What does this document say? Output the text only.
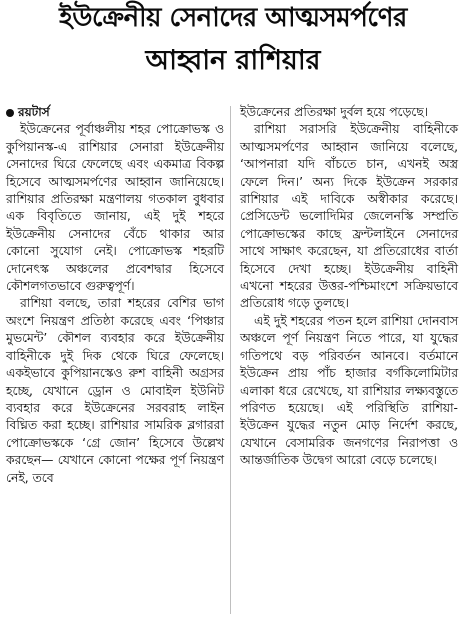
ইউক্রেনীয় সেনাদের আত্মসমর্পণের
আহ্বান রাশিয়ার
রয়টার্স

ইউক্রেনের পূর্বাঞ্চলীয় শহর পোক্রোভস্ক ও কুপিয়ানস্ক-এ রাশিয়ার সেনারা ইউক্রেনীয় সেনাদের ঘিরে ফেলেছে এবং একমাত্র বিকল্প হিসেবে আত্মসমর্পণের আহ্বান জানিয়েছে। রাশিয়ার প্রতিরক্ষা মন্ত্রণালয় গতকাল বুধবার এক বিবৃতিতে জানায়, এই দুই শহরে ইউক্রেনীয় সেনাদের বেঁচে থাকার আর কোনো সুযোগ নেই। পোক্রোভস্ক শহরটি দোনেৎস্ক অঞ্চলের প্রবেশদ্বার হিসেবে কৌশলগতভাবে গুরুত্বপূর্ণ।

রাশিয়া বলছে, তারা শহরের বেশির ভাগ অংশে নিয়ন্ত্রণ প্রতিষ্ঠা করেছে এবং ‘পিঞ্চার মুভমেন্ট’ কৌশল ব্যবহার করে ইউক্রেনীয় বাহিনীকে দুই দিক থেকে ঘিরে ফেলেছে। একইভাবে কুপিয়ানস্কেও রুশ বাহিনী অগ্রসর হচ্ছে, যেখানে ড্রোন ও মোবাইল ইউনিট ব্যবহার করে ইউক্রেনের সরবরাহ লাইন বিঘ্নিত করা হচ্ছে। রাশিয়ার সামরিক ব্লগাররা পোক্রোভস্ককে ‘গ্রে জোন’ হিসেবে উল্লেখ করছেন— যেখানে কোনো পক্ষের পূর্ণ নিয়ন্ত্রণ নেই, তবে

ইউক্রেনের প্রতিরক্ষা দুর্বল হয়ে পড়েছে।

রাশিয়া সরাসরি ইউক্রেনীয় বাহিনীকে আত্মসমর্পণের আহ্বান জানিয়ে বলেছে, ‘আপনারা যদি বাঁচতে চান, এখনই অস্ত্র ফেলে দিন।’ অন্য দিকে ইউক্রেন সরকার রাশিয়ার এই দাবিকে অস্বীকার করেছে। প্রেসিডেন্ট ভলোদিমির জেলেনস্কি সম্প্রতি পোক্রোভস্কের কাছে ফ্রন্টলাইনে সেনাদের সাথে সাক্ষাৎ করেছেন, যা প্রতিরোধের বার্তা হিসেবে দেখা হচ্ছে। ইউক্রেনীয় বাহিনী এখনো শহরের উত্তর-পশ্চিমাংশে সক্রিয়ভাবে প্রতিরোধ গড়ে তুলছে।

এই দুই শহরের পতন হলে রাশিয়া দোনবাস অঞ্চলে পূর্ণ নিয়ন্ত্রণ নিতে পারে, যা যুদ্ধের গতিপথে বড় পরিবর্তন আনবে। বর্তমানে ইউক্রেন প্রায় পাঁচ হাজার বর্গকিলোমিটার এলাকা ধরে রেখেছে, যা রাশিয়ার লক্ষ্যবস্তুতে পরিণত হয়েছে। এই পরিস্থিতি রাশিয়া-ইউক্রেন যুদ্ধের নতুন মোড় নির্দেশ করছে, যেখানে বেসামরিক জনগণের নিরাপত্তা ও আন্তর্জাতিক উদ্বেগ আরো বেড়ে চলেছে।
